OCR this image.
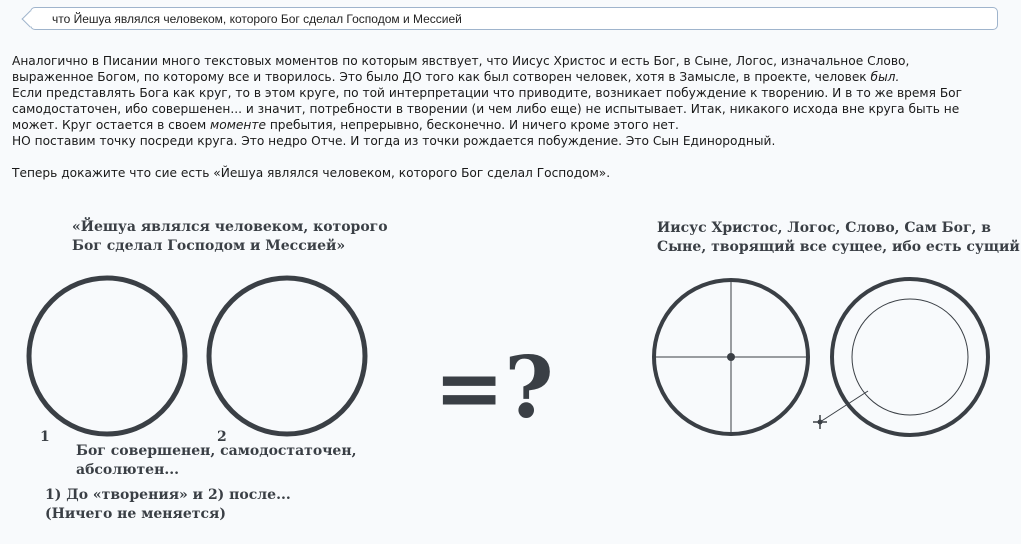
что Йешуа являлся человеком, которого Бог сделал Господом и Мессией

Аналогично в Писании много текстовых моментов по которым явствует, что Иисус Христос и есть Бог, в Сыне, Логос, изначальное Слово,

выраженное Богом, по которому все и творилось. Это было ДО того как был сотворен человек, хотя в Замысле, в проекте, человек был.

Если представлять Бога как круг, то в этом круге, по той интерпретации что приводите, возникает побуждение к творению. И в то же время Бог

самодостаточен, ибо совершенен... и значит, потребности в творении (и чем либо еще) не испытывает. Итак, никакого исхода вне круга быть не

может. Круг остается в своем моменте пребытия, непрерывно, бесконечно. И ничего кроме этого нет.

НО поставим точку посреди круга. Это недро Отче. И тогда из точки рождается побуждение. Это Сын Единородный.

Теперь докажите что сие есть «Йешуа являлся человеком, которого Бог сделал Господом».

«Йешуа являлся человеком, которого
Бог сделал Господом и Мессией»
Иисус Христос, Логос, Слово, Сам Бог, в
Сыне, творящий все сущее, ибо есть сущий
1	2
Бог совершенен, самодостаточен,
абсолютен...
1) До «творения» и 2) после...
(Ничего не меняется)
=?
